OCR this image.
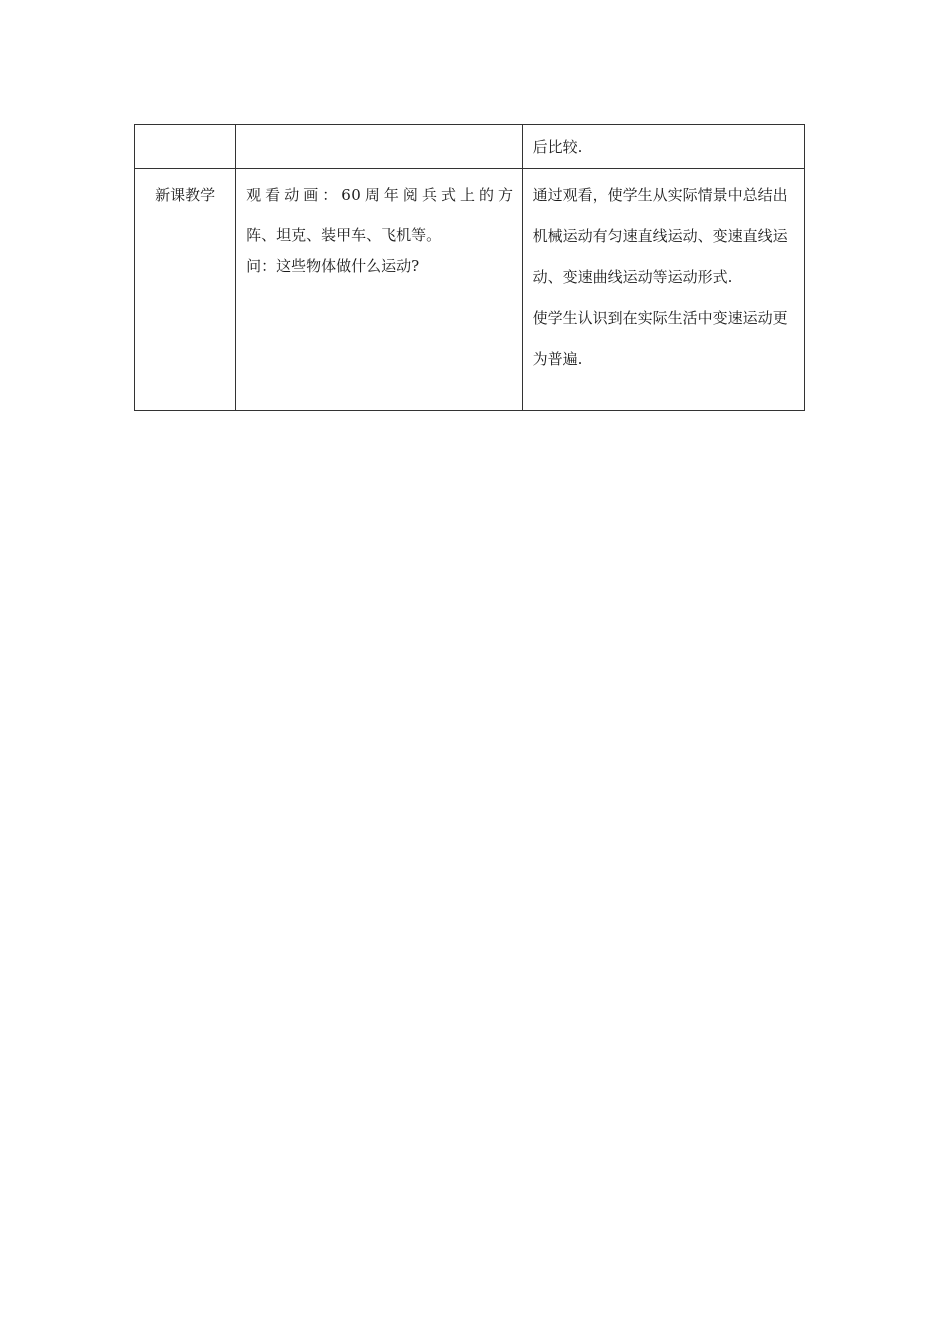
		后比较.

新课教学	观看动画：60周年阅兵式上的方
阵、坦克、装甲车、飞机等。
问：这些物体做什么运动?	通过观看，使学生从实际情景中总结出机械运动有匀速直线运动、变速直线运动、变速曲线运动等运动形式.
使学生认识到在实际生活中变速运动更为普遍.
